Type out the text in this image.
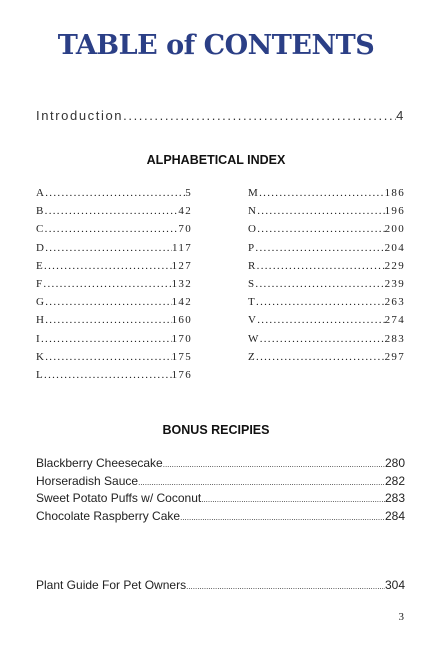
TABLE of CONTENTS
Introduction .....	4
ALPHABETICAL INDEX
A .....	5
B .....	42
C .....	70
D .....	117
E .....	127
F .....	132
G .....	142
H .....	160
I .....	170
K .....	175
L .....	176
M .....	186
N .....	196
O .....	200
P .....	204
R .....	229
S .....	239
T .....	263
V .....	274
W .....	283
Z .....	297
BONUS RECIPIES
Blackberry Cheesecake .....	280
Horseradish Sauce .....	282
Sweet Potato Puffs w/ Coconut .....	283
Chocolate Raspberry Cake .....	284
Plant Guide For Pet Owners .....	304
3
